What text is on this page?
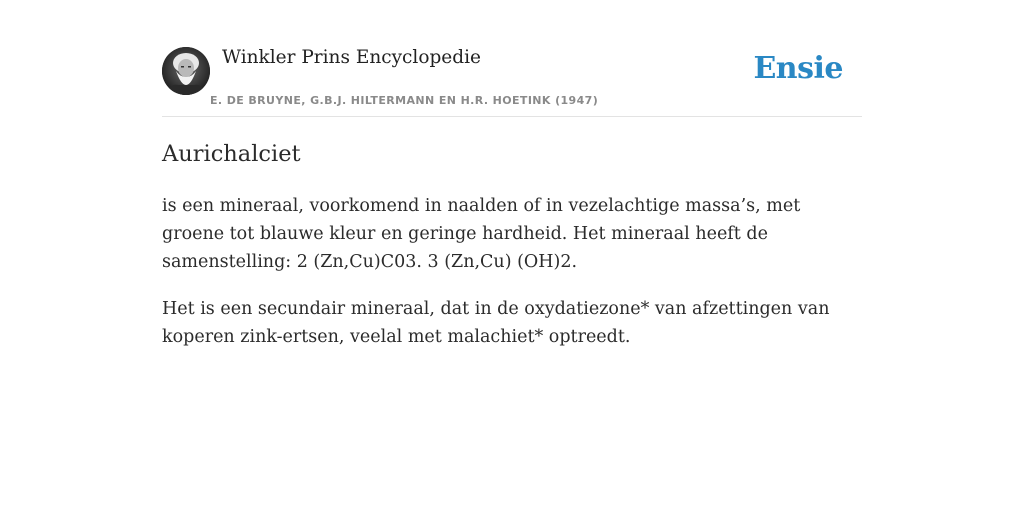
Winkler Prins Encyclopedie
E. DE BRUYNE, G.B.J. HILTERMANN EN H.R. HOETINK (1947)
Ensie
Aurichalciet

is een mineraal, voorkomend in naalden of in vezelachtige massa’s, met groene tot blauwe kleur en geringe hardheid. Het mineraal heeft de samenstelling: 2 (Zn,Cu)C03. 3 (Zn,Cu) (OH)2.

Het is een secundair mineraal, dat in de oxydatiezone* van afzettingen van koperen zink-ertsen, veelal met malachiet* optreedt.
